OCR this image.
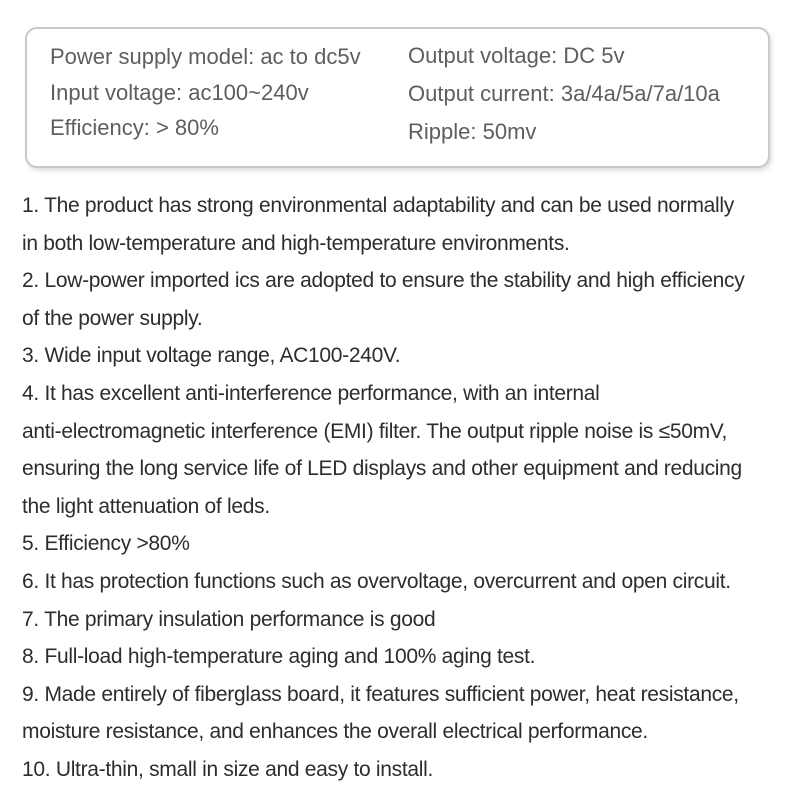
Power supply model: ac to dc5v
Input voltage: ac100~240v
Efficiency: > 80%
Output voltage: DC 5v
Output current: 3a/4a/5a/7a/10a
Ripple: 50mv
1. The product has strong environmental adaptability and can be used normally
in both low-temperature and high-temperature environments.
2. Low-power imported ics are adopted to ensure the stability and high efficiency
of the power supply.
3. Wide input voltage range, AC100-240V.
4. It has excellent anti-interference performance, with an internal
anti-electromagnetic interference (EMI) filter. The output ripple noise is ≤50mV,
ensuring the long service life of LED displays and other equipment and reducing
the light attenuation of leds.
5. Efficiency >80%
6. It has protection functions such as overvoltage, overcurrent and open circuit.
7. The primary insulation performance is good
8. Full-load high-temperature aging and 100% aging test.
9. Made entirely of fiberglass board, it features sufficient power, heat resistance,
moisture resistance, and enhances the overall electrical performance.
10. Ultra-thin, small in size and easy to install.
